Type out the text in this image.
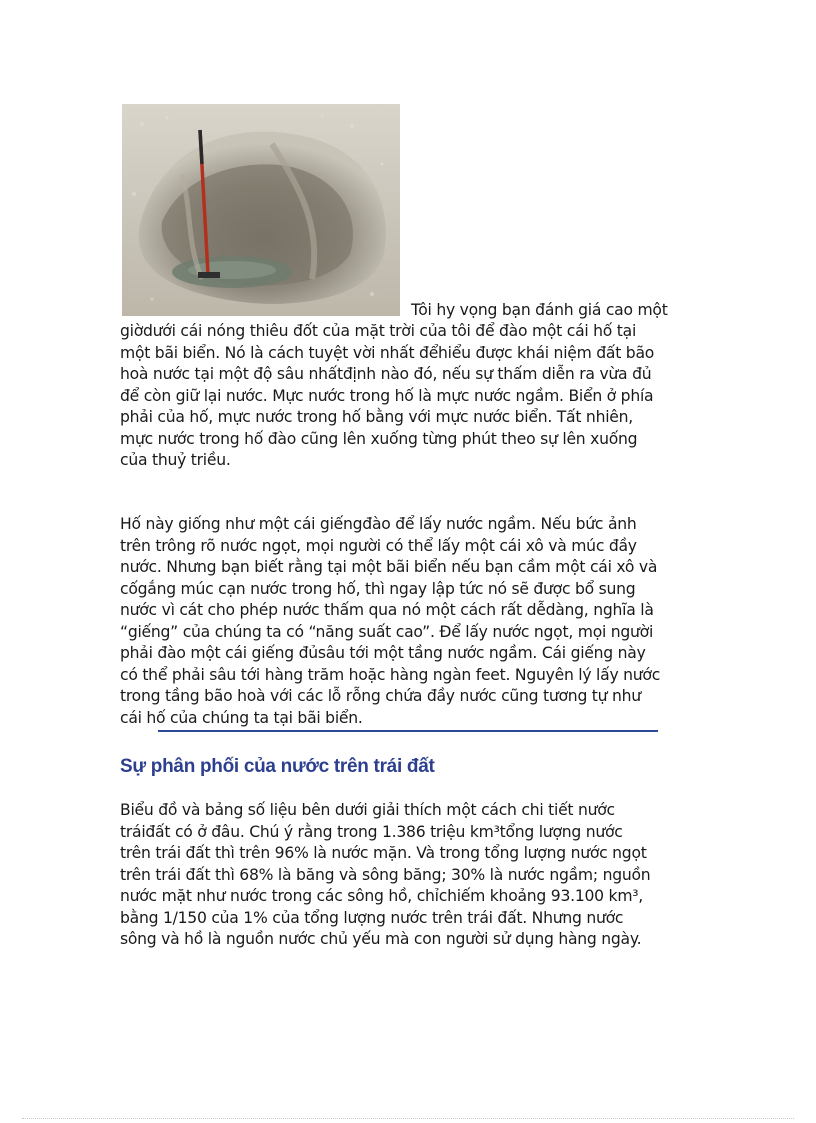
Tôi hy vọng bạn đánh giá cao một

giờdưới cái nóng thiêu đốt của mặt trời của tôi để đào một cái hố tại
một bãi biển. Nó là cách tuyệt vời nhất đểhiểu được khái niệm đất bão
hoà nước tại một độ sâu nhấtđịnh nào đó, nếu sự thấm diễn ra vừa đủ
để còn giữ lại nước. Mực nước trong hố là mực nước ngầm. Biển ở phía
phải của hố, mực nước trong hố bằng với mực nước biển. Tất nhiên,
mực nước trong hố đào cũng lên xuống từng phút theo sự lên xuống
của thuỷ triều.

Hố này giống như một cái giếngđào để lấy nước ngầm. Nếu bức ảnh
trên trông rõ nước ngọt, mọi người có thể lấy một cái xô và múc đầy
nước. Nhưng bạn biết rằng tại một bãi biển nếu bạn cầm một cái xô và
cốgắng múc cạn nước trong hố, thì ngay lập tức nó sẽ được bổ sung
nước vì cát cho phép nước thấm qua nó một cách rất dễdàng, nghĩa là
“giếng” của chúng ta có “năng suất cao”. Để lấy nước ngọt, mọi người
phải đào một cái giếng đủsâu tới một tầng nước ngầm. Cái giếng này
có thể phải sâu tới hàng trăm hoặc hàng ngàn feet. Nguyên lý lấy nước
trong tầng bão hoà với các lỗ rỗng chứa đầy nước cũng tương tự như
cái hố của chúng ta tại bãi biển.

Sự phân phối của nước trên trái đất

Biểu đồ và bảng số liệu bên dưới giải thích một cách chi tiết nước
tráiđất có ở đâu. Chú ý rằng trong 1.386 triệu km³tổng lượng nước
trên trái đất thì trên 96% là nước mặn. Và trong tổng lượng nước ngọt
trên trái đất thì 68% là băng và sông băng; 30% là nước ngầm; nguồn
nước mặt như nước trong các sông hồ, chỉchiếm khoảng 93.100 km³,
bằng 1/150 của 1% của tổng lượng nước trên trái đất. Nhưng nước
sông và hồ là nguồn nước chủ yếu mà con người sử dụng hàng ngày.
